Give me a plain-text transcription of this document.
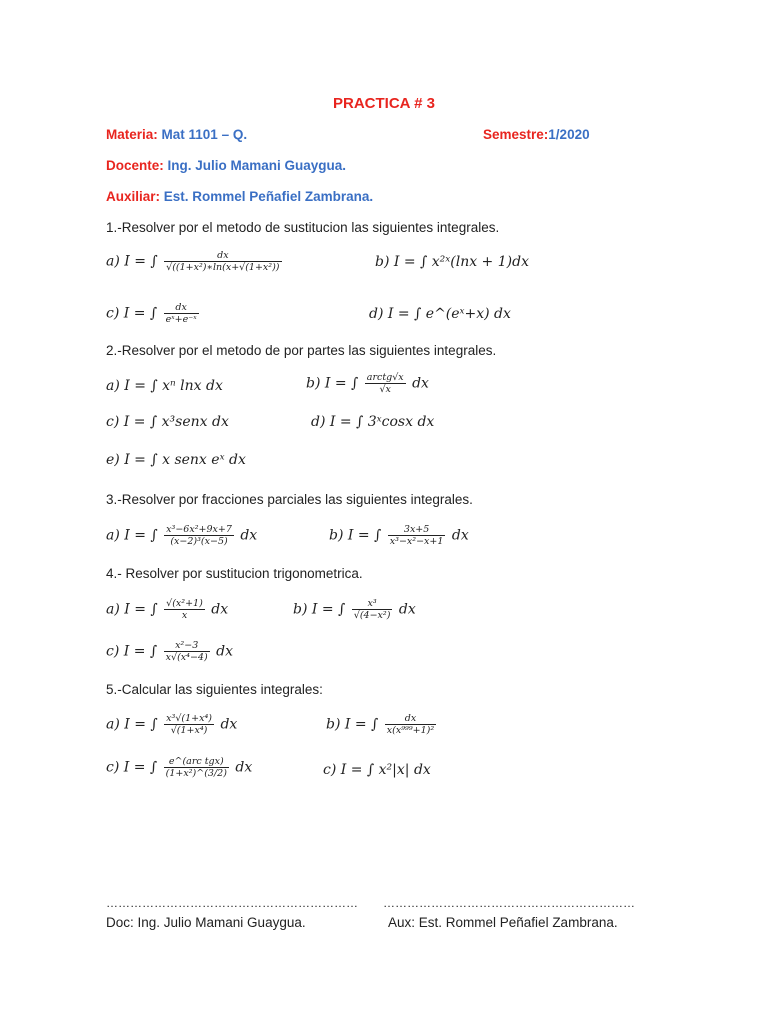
PRACTICA # 3
Materia: Mat 1101 – Q.	Semestre:1/2020
Docente: Ing. Julio Mamani Guaygua.
Auxiliar: Est. Rommel Peñafiel Zambrana.
1.-Resolver por el metodo de sustitucion las siguientes integrales.
a) I = ∫ $\frac{dx}{\text{√((1+x²)∗ln(x+√(1+x²))}}$	b) I = ∫ x²ˣ(lnx + 1)dx
c) I = ∫ $\frac{dx}{\text{eˣ+e⁻ˣ}}$	d) I = ∫ e^(eˣ+x) dx
2.-Resolver por el metodo de por partes las siguientes integrales.
a) I = ∫ xⁿ lnx dx	b) I = ∫ $\frac{\text{arctg√x}}{√x}$ dx
c) I = ∫ x³senx dx	d) I = ∫ 3ˣcosx dx
e) I = ∫ x senx eˣ dx
3.-Resolver por fracciones parciales las siguientes integrales.
a) I = ∫ $\frac{\text{x³−6x²+9x+7}}{\text{(x−2)³(x−5)}}$ dx	b) I = ∫ $\frac{3x+5}{\text{x³−x²−x+1}}$ dx
4.- Resolver por sustitucion trigonometrica.
a) I = ∫ $\frac{\text{√(x²+1)}}{x}$ dx	b) I = ∫ $\frac{\text{x³}}{\text{√(4−x²)}}$ dx
c) I = ∫ $\frac{\text{x²−3}}{\text{x√(x⁴−4)}}$ dx
5.-Calcular las siguientes integrales:
a) I = ∫ $\frac{\text{x³√(1+x⁴)}}{\text{√(1+x⁴)}}$ dx	b) I = ∫ $\frac{dx}{\text{x(x⁹⁹⁹+1)²}}$
c) I = ∫ $\frac{\text{e\textasciicircum{}(arc tgx)}}{\text{(1+x²)\textasciicircum{}(3/2)}}$ dx	c) I = ∫ x²|x| dx
……………………………………………………… ………………………………………………………
Doc: Ing. Julio Mamani Guaygua.	Aux: Est. Rommel Peñafiel Zambrana.
